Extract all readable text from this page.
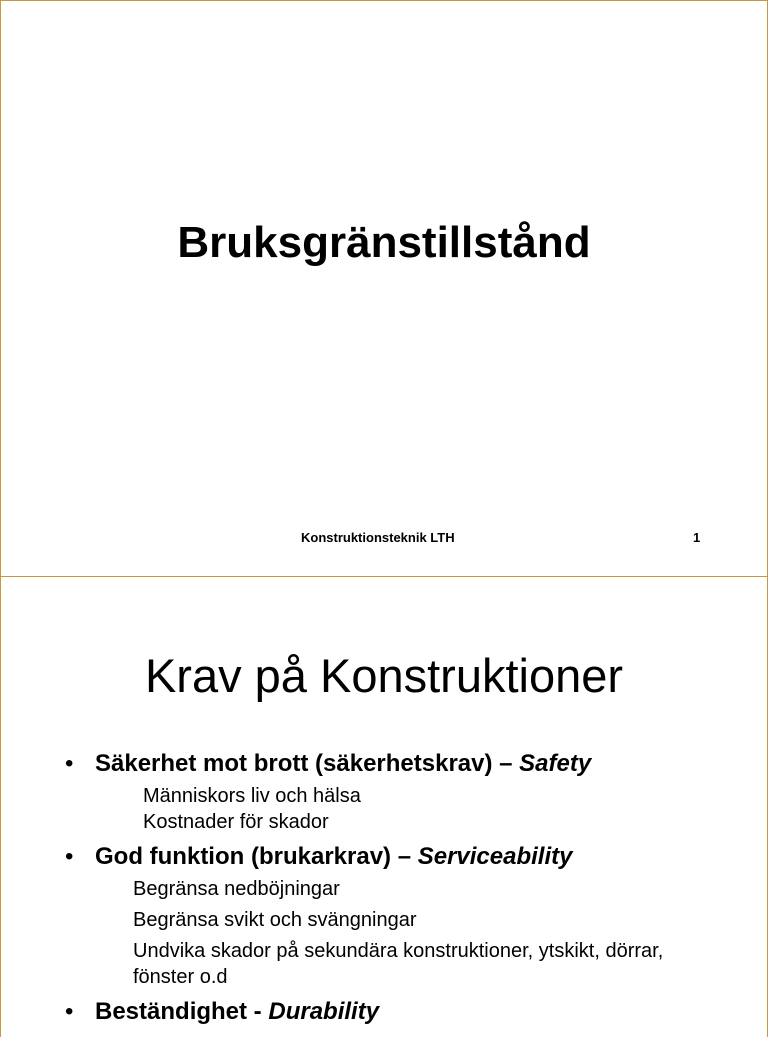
Bruksgränstillstånd
Konstruktionsteknik LTH	1
Krav på Konstruktioner
• Säkerhet mot brott (säkerhetskrav) – Safety
Människors liv och hälsa
Kostnader för skador
• God funktion (brukarkrav) – Serviceability
Begränsa nedböjningar
Begränsa svikt och svängningar
Undvika skador på sekundära konstruktioner, ytskikt, dörrar, fönster o.d
• Beständighet - Durability
